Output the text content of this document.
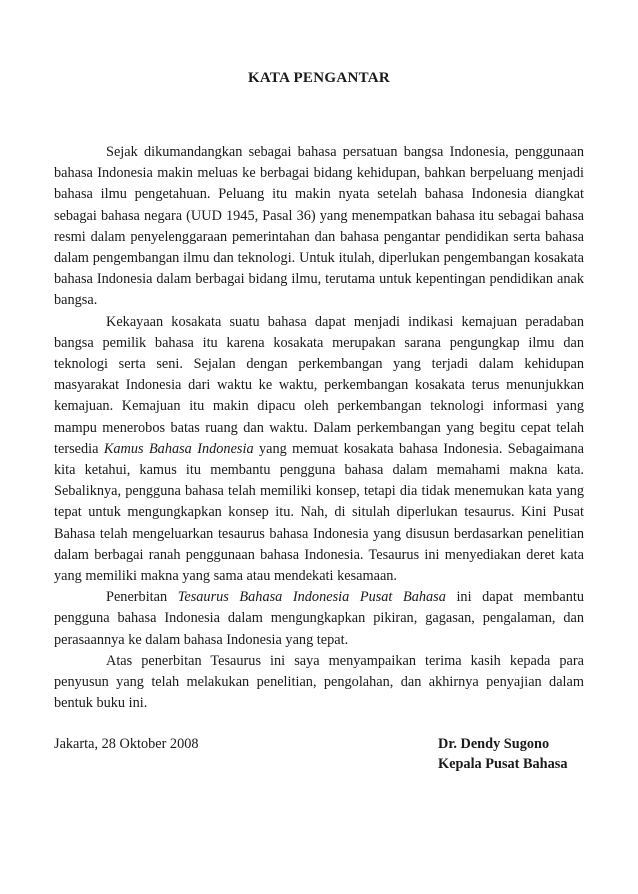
KATA PENGANTAR

Sejak dikumandangkan sebagai bahasa persatuan bangsa Indonesia, penggunaan bahasa Indonesia makin meluas ke berbagai bidang kehidupan, bahkan berpeluang menjadi bahasa ilmu pengetahuan. Peluang itu makin nyata setelah bahasa Indonesia diangkat sebagai bahasa negara (UUD 1945, Pasal 36) yang menempatkan bahasa itu sebagai bahasa resmi dalam penyelenggaraan pemerintahan dan bahasa pengantar pendidikan serta bahasa dalam pengembangan ilmu dan teknologi. Untuk itulah, diperlukan pengembangan kosakata bahasa Indonesia dalam berbagai bidang ilmu, terutama untuk kepentingan pendidikan anak bangsa.

Kekayaan kosakata suatu bahasa dapat menjadi indikasi kemajuan peradaban bangsa pemilik bahasa itu karena kosakata merupakan sarana pengungkap ilmu dan teknologi serta seni. Sejalan dengan perkembangan yang terjadi dalam kehidupan masyarakat Indonesia dari waktu ke waktu, perkembangan kosakata terus menunjukkan kemajuan. Kemajuan itu makin dipacu oleh perkembangan teknologi informasi yang mampu menerobos batas ruang dan waktu. Dalam perkembangan yang begitu cepat telah tersedia Kamus Bahasa Indonesia yang memuat kosakata bahasa Indonesia. Sebagaimana kita ketahui, kamus itu membantu pengguna bahasa dalam memahami makna kata. Sebaliknya, pengguna bahasa telah memiliki konsep, tetapi dia tidak menemukan kata yang tepat untuk mengungkapkan konsep itu. Nah, di situlah diperlukan tesaurus. Kini Pusat Bahasa telah mengeluarkan tesaurus bahasa Indonesia yang disusun berdasarkan penelitian dalam berbagai ranah penggunaan bahasa Indonesia. Tesaurus ini menyediakan deret kata yang memiliki makna yang sama atau mendekati kesamaan.

Penerbitan Tesaurus Bahasa Indonesia Pusat Bahasa ini dapat membantu pengguna bahasa Indonesia dalam mengungkapkan pikiran, gagasan, pengalaman, dan perasaannya ke dalam bahasa Indonesia yang tepat.

Atas penerbitan Tesaurus ini saya menyampaikan terima kasih kepada para penyusun yang telah melakukan penelitian, pengolahan, dan akhirnya penyajian dalam bentuk buku ini.

Jakarta, 28 Oktober 2008	Dr. Dendy Sugono
Kepala Pusat Bahasa
